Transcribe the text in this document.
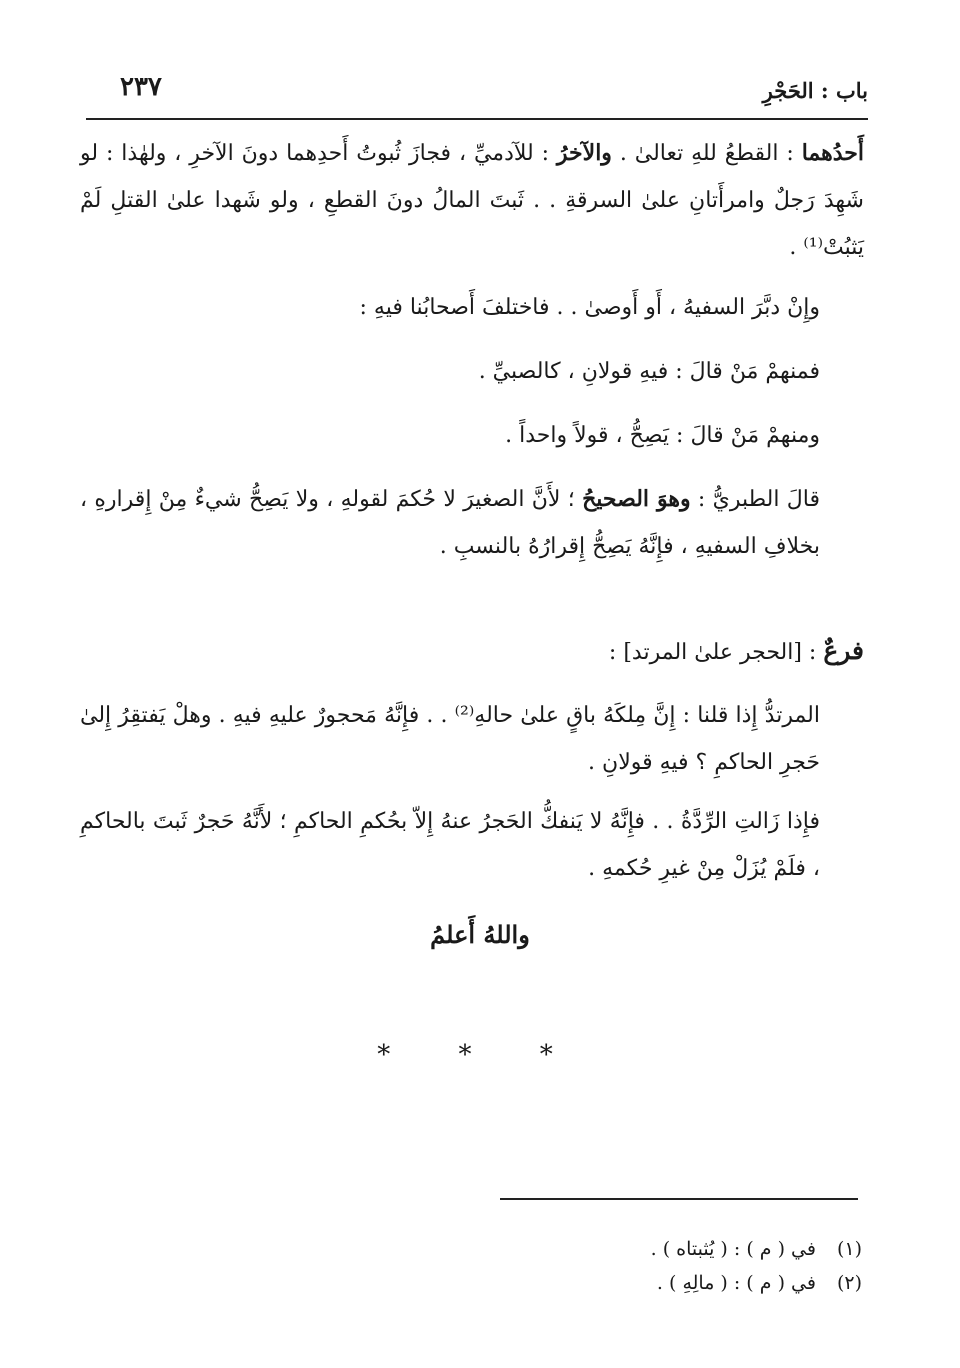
باب : الحَجْرِ
٢٣٧

أَحدُهما : القطعُ للهِ تعالىٰ . والآخرُ : للآدميِّ ، فجازَ ثُبوتُ أَحدِهما دونَ الآخرِ ، ولهٰذا : لو شَهِدَ رَجلٌ وامرأَتانِ علىٰ السرقةِ . . ثَبتَ المالُ دونَ القطعِ ، ولو شَهدا علىٰ القتلِ لَمْ يَثبُتْ⁽¹⁾ .

وإِنْ دبَّرَ السفيهُ ، أَو أَوصىٰ . . فاختلفَ أَصحابُنا فيهِ :

فمنهمْ مَنْ قالَ : فيهِ قولانِ ، كالصبيِّ .

ومنهمْ مَنْ قالَ : يَصِحُّ ، قولاً واحداً .

قالَ الطبريُّ : وهوَ الصحيحُ ؛ لأَنَّ الصغيرَ لا حُكمَ لقولهِ ، ولا يَصِحُّ شيءٌ مِنْ إِقرارهِ ، بخلافِ السفيهِ ، فإِنَّهُ يَصِحُّ إِقرارُهُ بالنسبِ .

فرعٌ : [الحجر علىٰ المرتد] :

المرتدُّ إِذا قلنا : إِنَّ مِلكَهُ باقٍ علىٰ حالهِ⁽²⁾ . . فإِنَّهُ مَحجورٌ عليهِ فيهِ . وهلْ يَفتقِرُ إِلىٰ حَجرِ الحاكمِ ؟ فيهِ قولانِ .

فإِذا زَالتِ الرِّدَّةُ . . فإِنَّهُ لا يَنفكُّ الحَجرُ عنهُ إِلاّ بحُكمِ الحاكمِ ؛ لأَنَّهُ حَجرٌ ثَبتَ بالحاكمِ ، فلَمْ يُزَلْ مِنْ غيرِ حُكمهِ .

واللهُ أَعلمُ
* * *
(١) في ( م ) : ( يُثبتاه ) .
(٢) في ( م ) : ( مالِهِ ) .
